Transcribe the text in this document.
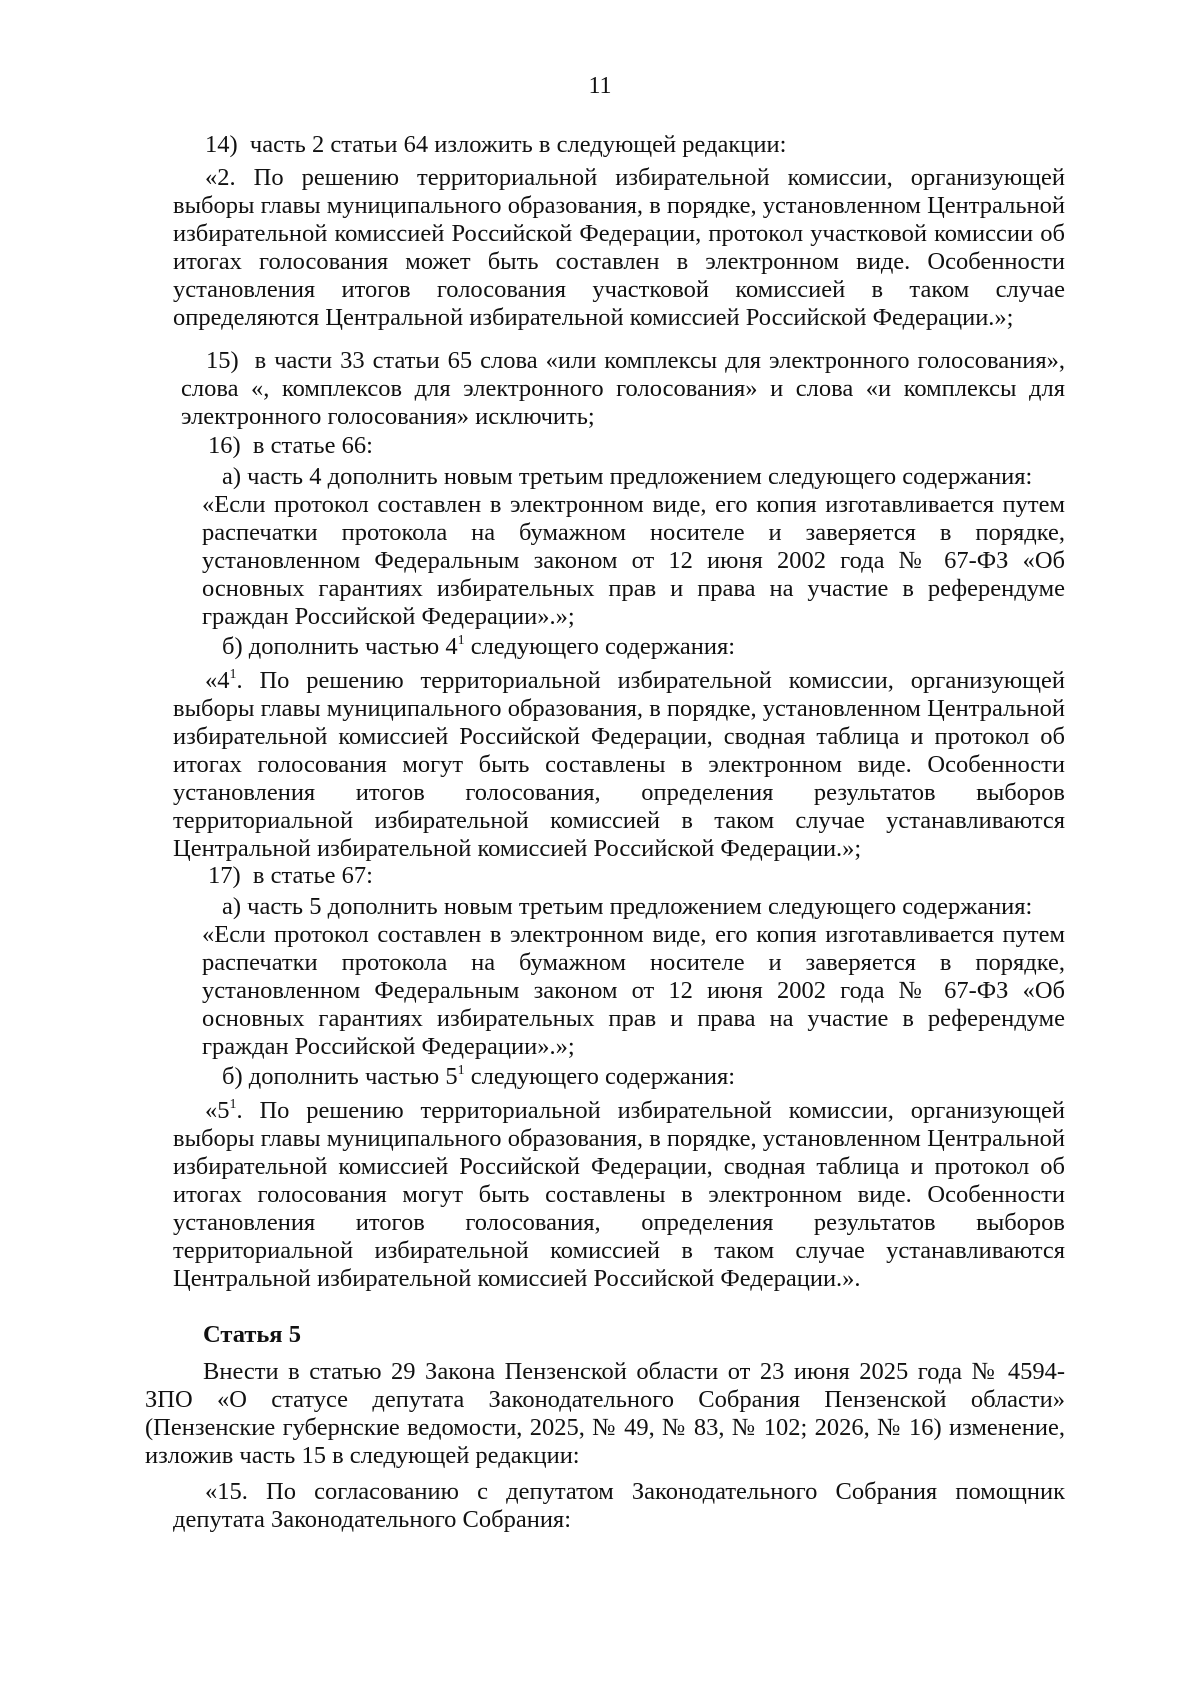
11

14)  часть 2 статьи 64 изложить в следующей редакции:

«2. По решению территориальной избирательной комиссии, организующей выборы главы муниципального образования, в порядке, установленном Центральной избирательной комиссией Российской Федерации, протокол участковой комиссии об итогах голосования может быть составлен в электронном виде. Особенности установления итогов голосования участковой комиссией в таком случае определяются Центральной избирательной комиссией Российской Федерации.»;

15)  в части 33 статьи 65 слова «или комплексы для электронного голосования», слова «, комплексов для электронного голосования» и слова «и комплексы для электронного голосования» исключить;

16)  в статье 66:

а) часть 4 дополнить новым третьим предложением следующего содержания:

«Если протокол составлен в электронном виде, его копия изготавливается путем распечатки протокола на бумажном носителе и заверяется в порядке, установленном Федеральным законом от 12 июня 2002 года № 67-ФЗ «Об основных гарантиях избирательных прав и права на участие в референдуме граждан Российской Федерации».»;

б) дополнить частью $4^1$ следующего содержания:

«$4^1$. По решению территориальной избирательной комиссии, организующей выборы главы муниципального образования, в порядке, установленном Центральной избирательной комиссией Российской Федерации, сводная таблица и протокол об итогах голосования могут быть составлены в электронном виде. Особенности установления итогов голосования, определения результатов выборов территориальной избирательной комиссией в таком случае устанавливаются Центральной избирательной комиссией Российской Федерации.»;

17)  в статье 67:

а) часть 5 дополнить новым третьим предложением следующего содержания:

«Если протокол составлен в электронном виде, его копия изготавливается путем распечатки протокола на бумажном носителе и заверяется в порядке, установленном Федеральным законом от 12 июня 2002 года № 67-ФЗ «Об основных гарантиях избирательных прав и права на участие в референдуме граждан Российской Федерации».»;

б) дополнить частью $5^1$ следующего содержания:

«$5^1$. По решению территориальной избирательной комиссии, организующей выборы главы муниципального образования, в порядке, установленном Центральной избирательной комиссией Российской Федерации, сводная таблица и протокол об итогах голосования могут быть составлены в электронном виде. Особенности установления итогов голосования, определения результатов выборов территориальной избирательной комиссией в таком случае устанавливаются Центральной избирательной комиссией Российской Федерации.».

Статья 5

Внести в статью 29 Закона Пензенской области от 23 июня 2025 года № 4594-ЗПО «О статусе депутата Законодательного Собрания Пензенской области» (Пензенские губернские ведомости, 2025, № 49, № 83, № 102; 2026, № 16) изменение, изложив часть 15 в следующей редакции:

«15. По согласованию с депутатом Законодательного Собрания помощник депутата Законодательного Собрания:
